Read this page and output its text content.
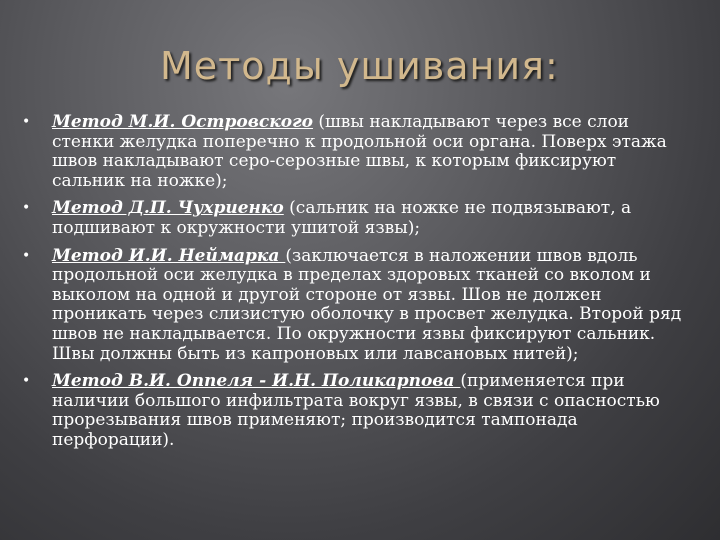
Методы ушивания:
• Метод М.И. Островского (швы накладывают через все слои стенки желудка поперечно к продольной оси органа. Поверх этажа швов накладывают серо-серозные швы, к которым фиксируют сальник на ножке);
• Метод Д.П. Чухриенко (сальник на ножке не подвязывают, а подшивают к окружности ушитой язвы);
• Метод И.И. Неймарка (заключается в наложении швов вдоль продольной оси желудка в пределах здоровых тканей со вколом и выколом на одной и другой стороне от язвы. Шов не должен проникать через слизистую оболочку в просвет желудка. Второй ряд швов не накладывается. По окружности язвы фиксируют сальник. Швы должны быть из капроновых или лавсановых нитей);
• Метод В.И. Оппеля - И.Н. Поликарпова (применяется при наличии большого инфильтрата вокруг язвы, в связи с опасностью прорезывания швов применяют; производится тампонада перфорации).
